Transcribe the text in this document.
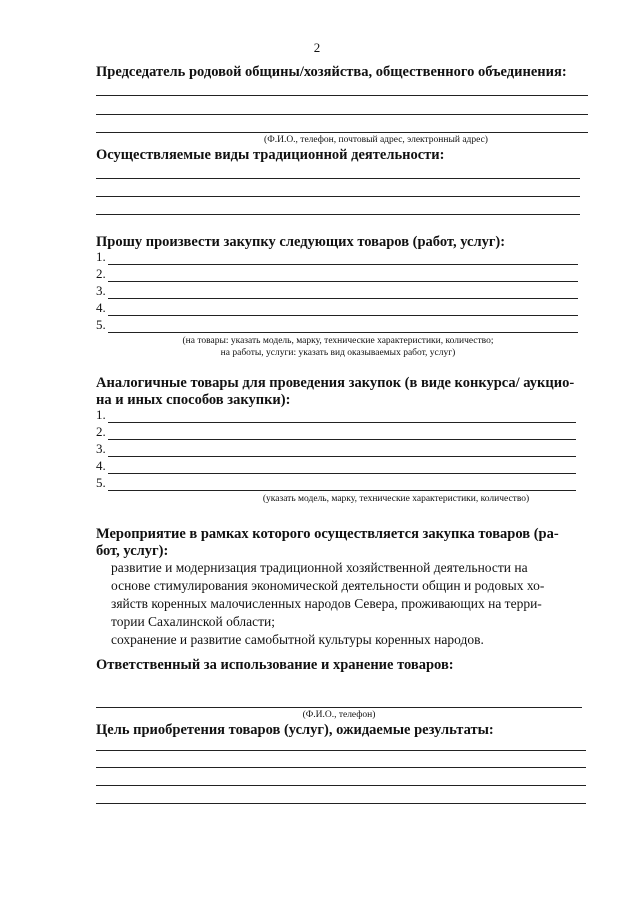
2
Председатель родовой общины/хозяйства, общественного объединения:
(Ф.И.О., телефон, почтовый адрес, электронный адрес)
Осуществляемые виды традиционной деятельности:
Прошу произвести закупку следующих товаров (работ, услуг):
1.
2.
3.
4.
5.
(на товары: указать модель, марку, технические характеристики, количество;
на работы, услуги: указать вид оказываемых работ, услуг)
Аналогичные товары для проведения закупок (в виде конкурса/ аукцио-
на и иных способов закупки):
1.
2.
3.
4.
5.
(указать модель, марку, технические характеристики, количество)
Мероприятие в рамках которого осуществляется закупка товаров (ра-
бот, услуг):
развитие и модернизация традиционной хозяйственной деятельности на
основе стимулирования экономической деятельности общин и родовых хо-
зяйств коренных малочисленных народов Севера, проживающих на терри-
тории Сахалинской области;
сохранение и развитие самобытной культуры коренных народов.
Ответственный за использование и хранение товаров:
(Ф.И.О., телефон)
Цель приобретения товаров (услуг), ожидаемые результаты:
